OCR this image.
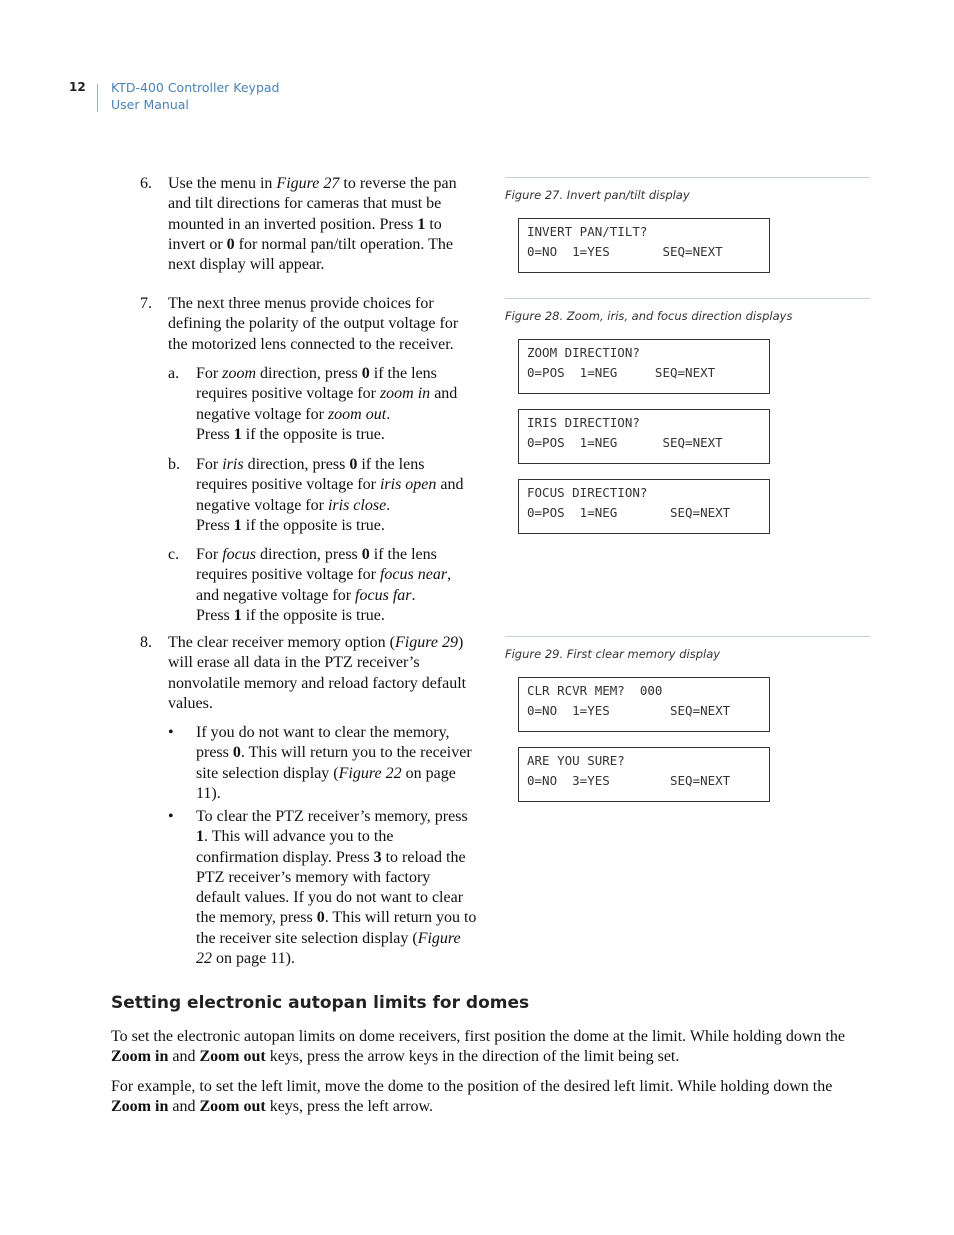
12 KTD-400 Controller Keypad
User Manual
6.	Use the menu in Figure 27 to reverse the pan and tilt directions for cameras that must be mounted in an inverted position. Press 1 to invert or 0 for normal pan/tilt operation. The next display will appear.

7.	The next three menus provide choices for defining the polarity of the output voltage for the motorized lens connected to the receiver.

a.	For zoom direction, press 0 if the lens requires positive voltage for zoom in and negative voltage for zoom out.

Press 1 if the opposite is true.

b.	For iris direction, press 0 if the lens requires positive voltage for iris open and negative voltage for iris close.

Press 1 if the opposite is true.

c.	For focus direction, press 0 if the lens requires positive voltage for focus near, and negative voltage for focus far.

Press 1 if the opposite is true.

8.	The clear receiver memory option (Figure 29) will erase all data in the PTZ receiver’s nonvolatile memory and reload factory default values.

• If you do not want to clear the memory, press 0. This will return you to the receiver site selection display (Figure 22 on page 11).

• To clear the PTZ receiver’s memory, press 1. This will advance you to the confirmation display. Press 3 to reload the PTZ receiver’s memory with factory default values. If you do not want to clear the memory, press 0. This will return you to the receiver site selection display (Figure 22 on page 11).

Figure 27. Invert pan/tilt display
INVERT PAN/TILT?
0=NO  1=YES       SEQ=NEXT
Figure 28. Zoom, iris, and focus direction displays
ZOOM DIRECTION?
0=POS  1=NEG     SEQ=NEXT
IRIS DIRECTION?
0=POS  1=NEG      SEQ=NEXT
FOCUS DIRECTION?
0=POS  1=NEG       SEQ=NEXT
Figure 29. First clear memory display
CLR RCVR MEM?  000
0=NO  1=YES        SEQ=NEXT
ARE YOU SURE?
0=NO  3=YES        SEQ=NEXT
Setting electronic autopan limits for domes

To set the electronic autopan limits on dome receivers, first position the dome at the limit. While holding down the Zoom in and Zoom out keys, press the arrow keys in the direction of the limit being set.

For example, to set the left limit, move the dome to the position of the desired left limit. While holding down the Zoom in and Zoom out keys, press the left arrow.
